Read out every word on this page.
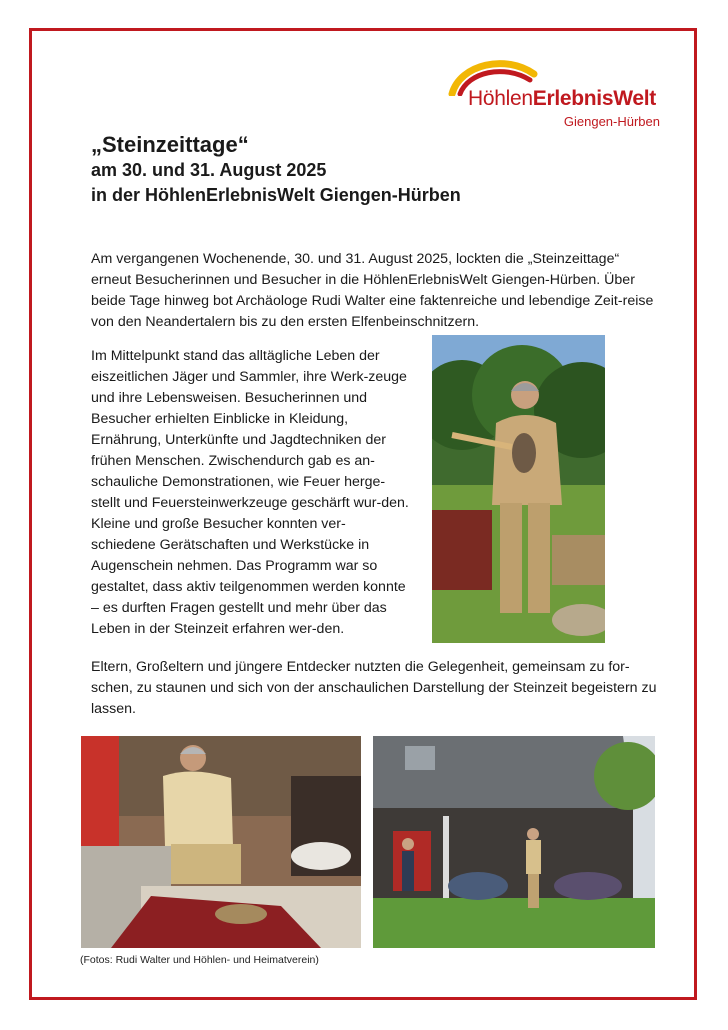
HöhlenErlebnisWelt
Giengen-Hürben

„Steinzeittage“

am 30. und 31. August 2025

in der HöhlenErlebnisWelt Giengen-Hürben

Am vergangenen Wochenende, 30. und 31. August 2025, lockten die „Steinzeittage“ erneut Besucherinnen und Besucher in die HöhlenErlebnisWelt Giengen-Hürben. Über beide Tage hinweg bot Archäologe Rudi Walter eine faktenreiche und lebendige Zeit-reise von den Neandertalern bis zu den ersten Elfenbeinschnitzern.

Im Mittelpunkt stand das alltägliche Leben der eiszeitlichen Jäger und Sammler, ihre Werk-zeuge und ihre Lebensweisen. Besucherinnen und Besucher erhielten Einblicke in Kleidung, Ernährung, Unterkünfte und Jagdtechniken der frühen Menschen. Zwischendurch gab es an-schauliche Demonstrationen, wie Feuer herge-stellt und Feuersteinwerkzeuge geschärft wur-den. Kleine und große Besucher konnten ver-schiedene Gerätschaften und Werkstücke in Augenschein nehmen. Das Programm war so gestaltet, dass aktiv teilgenommen werden konnte – es durften Fragen gestellt und mehr über das Leben in der Steinzeit erfahren wer-den.

Eltern, Großeltern und jüngere Entdecker nutzten die Gelegenheit, gemeinsam zu for-schen, zu staunen und sich von der anschaulichen Darstellung der Steinzeit begeistern zu lassen.

(Fotos: Rudi Walter und Höhlen- und Heimatverein)
